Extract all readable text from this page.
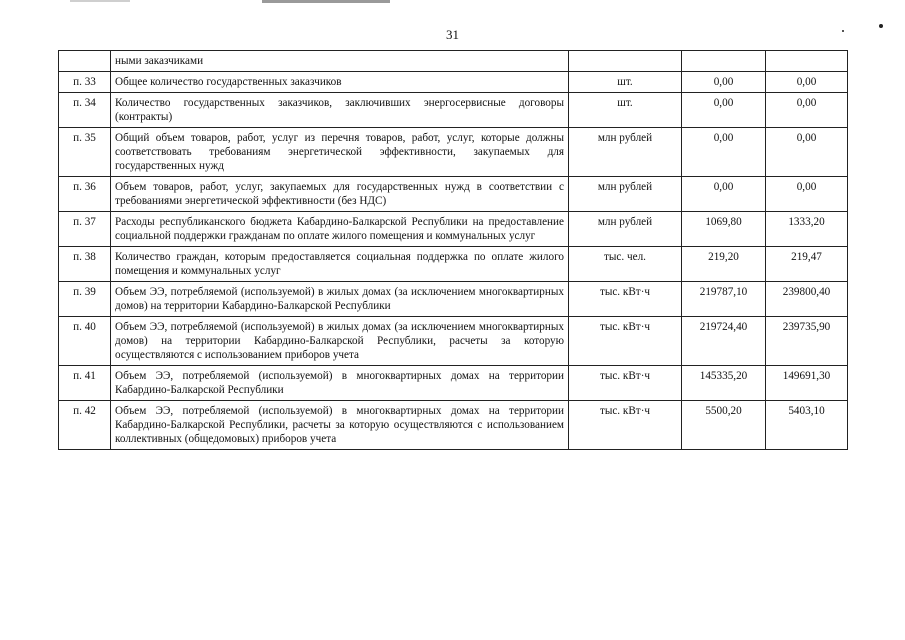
31
	ными заказчиками			
п. 33	Общее количество государственных заказчиков	шт.	0,00	0,00
п. 34	Количество государственных заказчиков, заключивших энергосервисные договоры (контракты)	шт.	0,00	0,00
п. 35	Общий объем товаров, работ, услуг из перечня товаров, работ, услуг, которые должны соответствовать требованиям энергетической эффективности, закупаемых для государственных нужд	млн рублей	0,00	0,00
п. 36	Объем товаров, работ, услуг, закупаемых для государственных нужд в соответствии с требованиями энергетической эффективности (без НДС)	млн рублей	0,00	0,00
п. 37	Расходы республиканского бюджета Кабардино-Балкарской Республики на предоставление социальной поддержки гражданам по оплате жилого помещения и коммунальных услуг	млн рублей	1069,80	1333,20
п. 38	Количество граждан, которым предоставляется социальная поддержка по оплате жилого помещения и коммунальных услуг	тыс. чел.	219,20	219,47
п. 39	Объем ЭЭ, потребляемой (используемой) в жилых домах (за исключением многоквартирных домов) на территории Кабардино-Балкарской Республики	тыс. кВт·ч	219787,10	239800,40
п. 40	Объем ЭЭ, потребляемой (используемой) в жилых домах (за исключением многоквартирных домов) на территории Кабардино-Балкарской Республики, расчеты за которую осуществляются с использованием приборов учета	тыс. кВт·ч	219724,40	239735,90
п. 41	Объем ЭЭ, потребляемой (используемой) в многоквартирных домах на территории Кабардино-Балкарской Республики	тыс. кВт·ч	145335,20	149691,30
п. 42	Объем ЭЭ, потребляемой (используемой) в многоквартирных домах на территории Кабардино-Балкарской Республики, расчеты за которую осуществляются с использованием коллективных (общедомовых) приборов учета	тыс. кВт·ч	5500,20	5403,10
